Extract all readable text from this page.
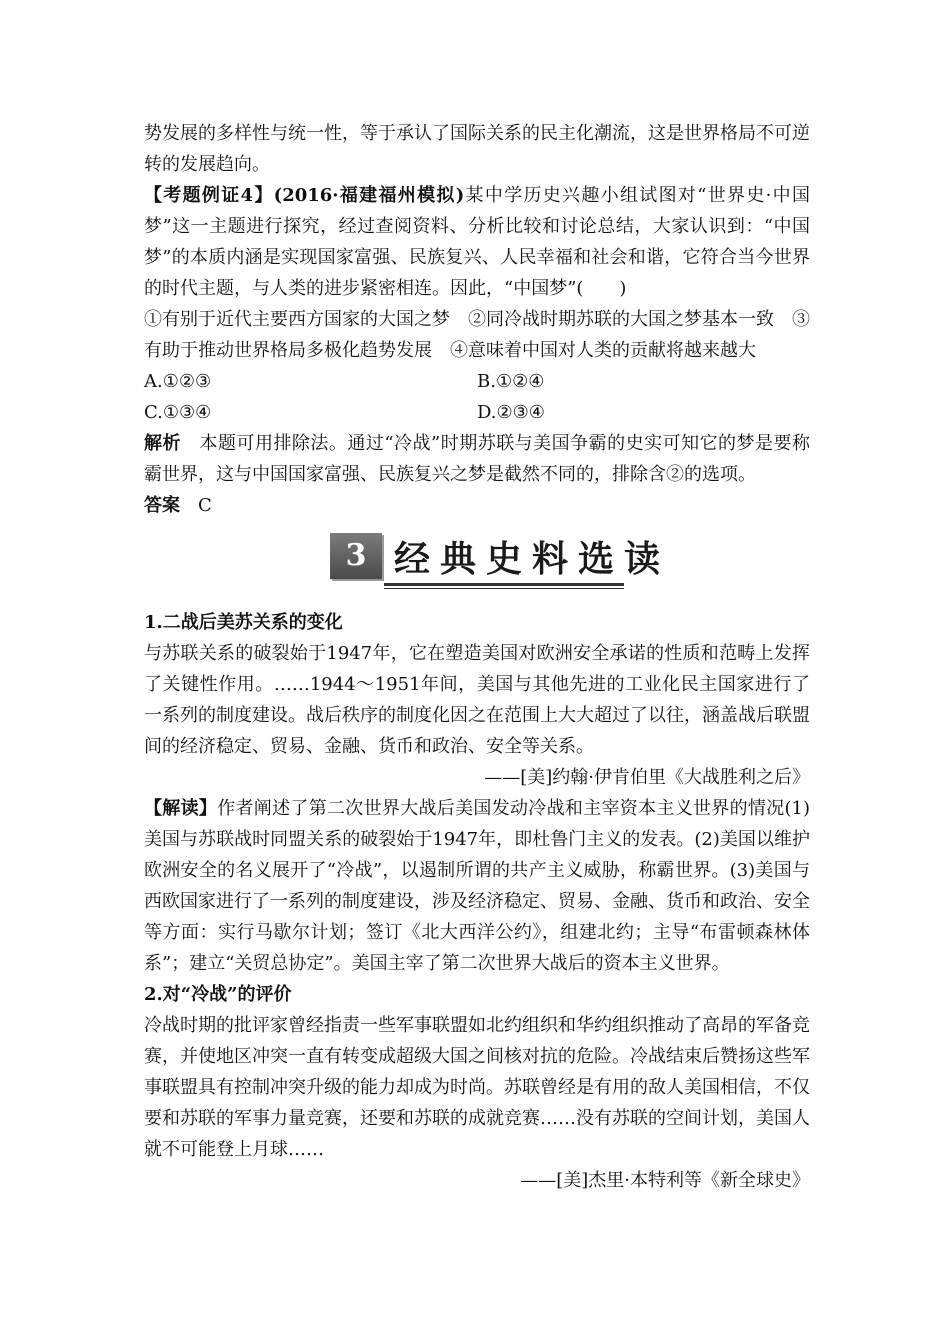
势发展的多样性与统一性，等于承认了国际关系的民主化潮流，这是世界格局不可逆转的发展趋向。

【考题例证4】(2016·福建福州模拟)某中学历史兴趣小组试图对“世界史·中国梦”这一主题进行探究，经过查阅资料、分析比较和讨论总结，大家认识到：“中国梦”的本质内涵是实现国家富强、民族复兴、人民幸福和社会和谐，它符合当今世界的时代主题，与人类的进步紧密相连。因此，“中国梦”(　　)

①有别于近代主要西方国家的大国之梦　②同冷战时期苏联的大国之梦基本一致　③有助于推动世界格局多极化趋势发展　④意味着中国对人类的贡献将越来越大

A.①②③	B.①②④
C.①③④	D.②③④

解析　 本题可用排除法。通过“冷战”时期苏联与美国争霸的史实可知它的梦是要称霸世界，这与中国国家富强、民族复兴之梦是截然不同的，排除含②的选项。

答案　 C

3 经典史料选读

1.二战后美苏关系的变化

与苏联关系的破裂始于1947年，它在塑造美国对欧洲安全承诺的性质和范畴上发挥了关键性作用。……1944～1951年间，美国与其他先进的工业化民主国家进行了一系列的制度建设。战后秩序的制度化因之在范围上大大超过了以往，涵盖战后联盟间的经济稳定、贸易、金融、货币和政治、安全等关系。

——[美]约翰·伊肯伯里《大战胜利之后》

【解读】作者阐述了第二次世界大战后美国发动冷战和主宰资本主义世界的情况(1)美国与苏联战时同盟关系的破裂始于1947年，即杜鲁门主义的发表。(2)美国以维护欧洲安全的名义展开了“冷战”，以遏制所谓的共产主义威胁，称霸世界。(3)美国与西欧国家进行了一系列的制度建设，涉及经济稳定、贸易、金融、货币和政治、安全等方面：实行马歇尔计划；签订《北大西洋公约》，组建北约；主导“布雷顿森林体系”；建立“关贸总协定”。美国主宰了第二次世界大战后的资本主义世界。

2.对“冷战”的评价

冷战时期的批评家曾经指责一些军事联盟如北约组织和华约组织推动了高昂的军备竞赛，并使地区冲突一直有转变成超级大国之间核对抗的危险。冷战结束后赞扬这些军事联盟具有控制冲突升级的能力却成为时尚。苏联曾经是有用的敌人美国相信，不仅要和苏联的军事力量竞赛，还要和苏联的成就竞赛……没有苏联的空间计划，美国人就不可能登上月球……

——[美]杰里·本特利等《新全球史》
